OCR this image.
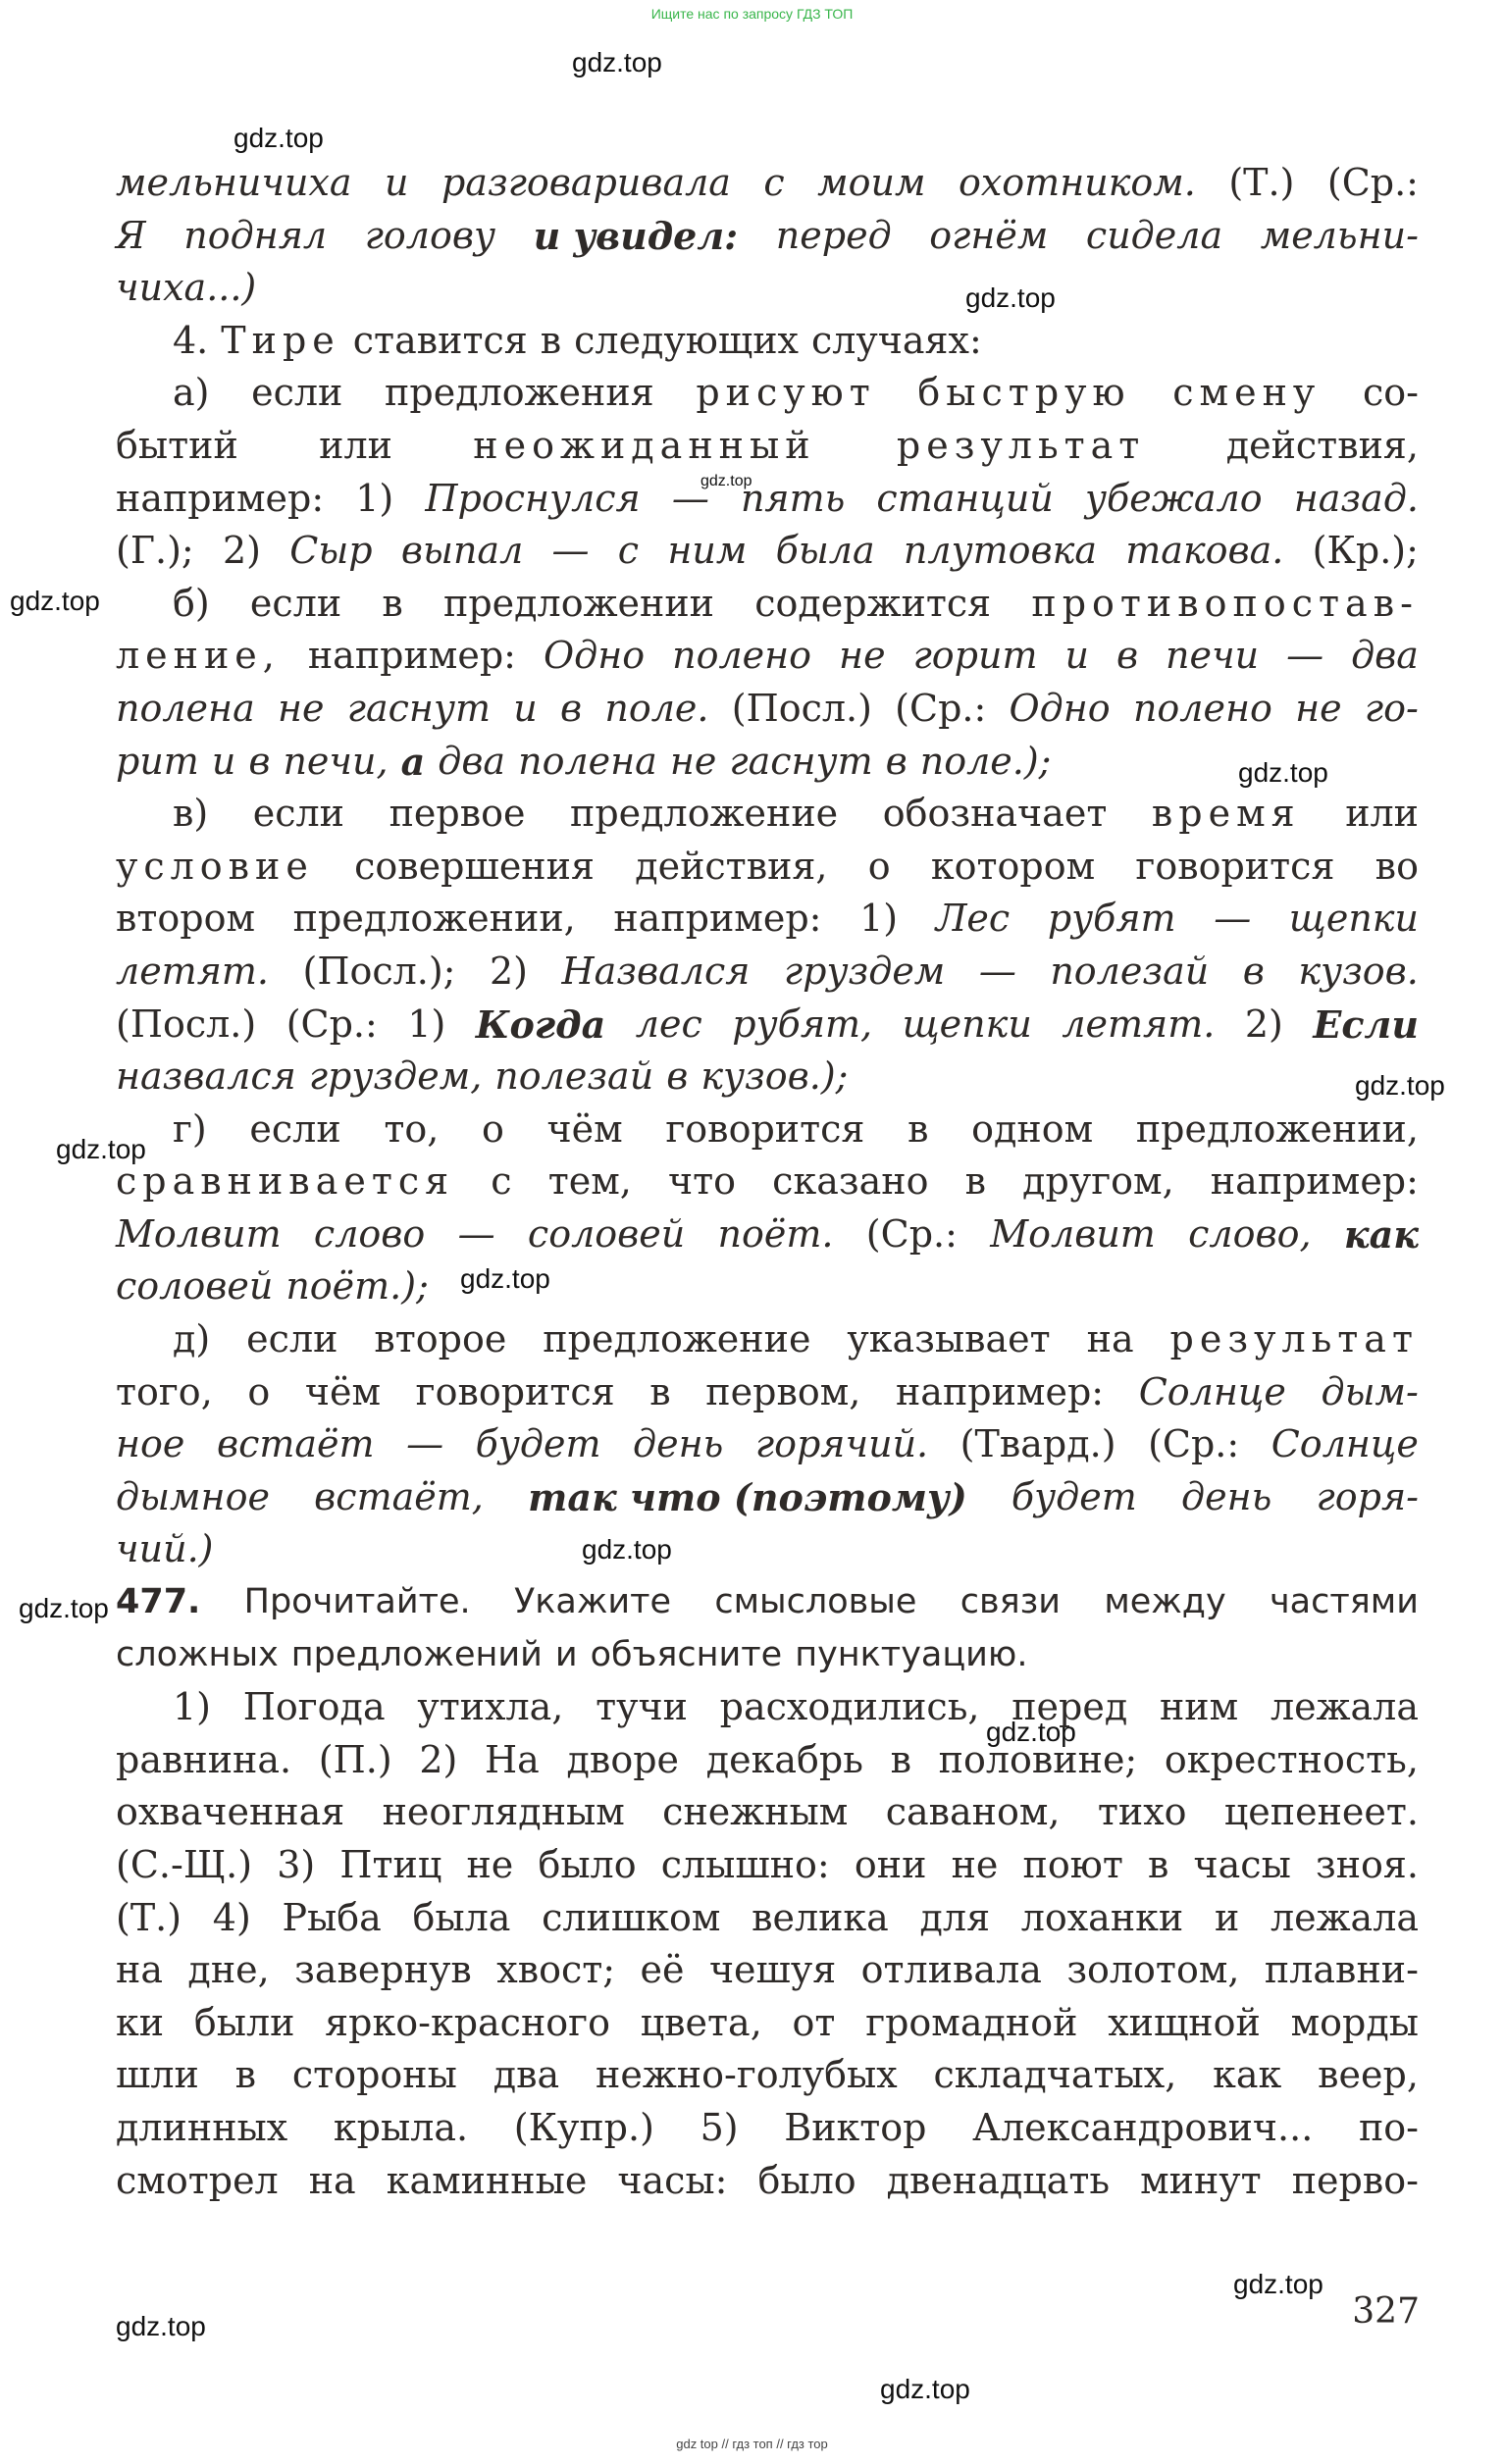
Ищите нас по запросу ГДЗ ТОП
gdz.top
gdz.top
gdz.top
gdz.top
gdz.top
gdz.top
gdz.top
gdz.top
gdz.top
gdz.top
gdz.top
gdz.top
gdz.top
gdz.top
gdz.top
мельничиха и разговаривала с моим охотником. (Т.) (Ср.:
Я поднял голову и увидел: перед огнём сидела мельни-
чиха...)
4. Тире ставится в следующих случаях:
а) если предложения рисуют быструю смену со-
бытий или неожиданный результат действия,
например: 1) Проснулся — пять станций убежало назад.
(Г.); 2) Сыр выпал — с ним была плутовка такова. (Кр.);
б) если в предложении содержится противопостав-
ление, например: Одно полено не горит и в печи — два
полена не гаснут и в поле. (Посл.) (Ср.: Одно полено не го-
рит и в печи, а два полена не гаснут в поле.);
в) если первое предложение обозначает время или
условие совершения действия, о котором говорится во
втором предложении, например: 1) Лес рубят — щепки
летят. (Посл.); 2) Назвался груздем — полезай в кузов.
(Посл.) (Ср.: 1) Когда лес рубят, щепки летят. 2) Если
назвался груздем, полезай в кузов.);
г) если то, о чём говорится в одном предложении,
сравнивается с тем, что сказано в другом, например:
Молвит слово — соловей поёт. (Ср.: Молвит слово, как
соловей поёт.);
д) если второе предложение указывает на результат
того, о чём говорится в первом, например: Солнце дым-
ное встаёт — будет день горячий. (Твард.) (Ср.: Солнце
дымное встаёт, так что (поэтому) будет день горя-
чий.)
477. Прочитайте. Укажите смысловые связи между частями
сложных предложений и объясните пунктуацию.
1) Погода утихла, тучи расходились, перед ним лежала
равнина. (П.) 2) На дворе декабрь в половине; окрестность,
охваченная неоглядным снежным саваном, тихо цепенеет.
(С.-Щ.) 3) Птиц не было слышно: они не поют в часы зноя.
(Т.) 4) Рыба была слишком велика для лоханки и лежала
на дне, завернув хвост; её чешуя отливала золотом, плавни-
ки были ярко-красного цвета, от громадной хищной морды
шли в стороны два нежно-голубых складчатых, как веер,
длинных крыла. (Купр.) 5) Виктор Александрович... по-
смотрел на каминные часы: было двенадцать минут перво-
327
gdz top // гдз топ // гдз тор
